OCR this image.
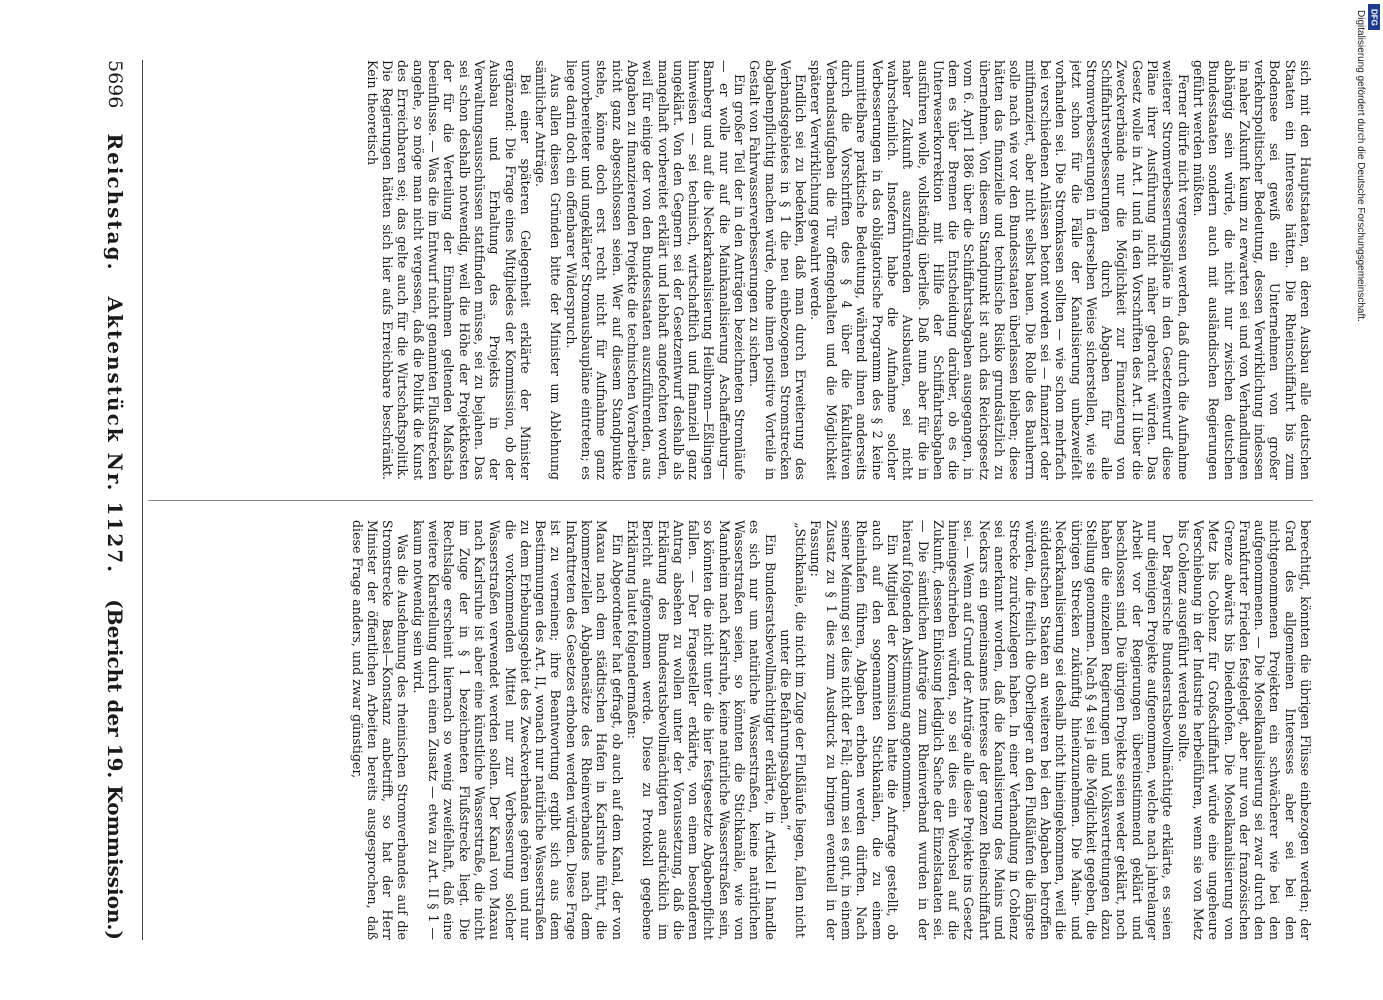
5696
Reichstag.
Aktenstück Nr. 1127.
(Bericht der 19. Kommission.)

sich mit den Hauptstaaten, an deren Ausbau alle deutschen Staaten ein Interesse hätten. Die Rheinschiffahrt bis zum Bodensee sei gewiß ein Unternehmen von großer verkehrspolitischer Bedeutung, dessen Verwirklichung indessen in naher Zukunft kaum zu erwarten sei und von Verhandlungen abhängig sein würde, die nicht nur zwischen deutschen Bundesstaaten sondern auch mit ausländischen Regierungen geführt werden müßten.

Ferner dürfe nicht vergessen werden, daß durch die Aufnahme weiterer Stromverbesserungspläne in den Gesetzentwurf diese Pläne ihrer Ausführung nicht näher gebracht würden. Das Gesetz wolle in Art. I und in den Vorschriften des Art. II über die Zweckverbände nur die Möglichkeit zur Finanzierung von Schiffahrtsverbesserungen durch Abgaben für alle Stromverbesserungen in derselben Weise sicherstellen, wie sie jetzt schon für die Fälle der Kanalisierung unbezweifelt vorhanden sei. Die Stromkassen sollten — wie schon mehrfach bei verschiedenen Anlässen betont worden sei — finanziert oder mitfinanziert, aber nicht selbst bauen. Die Rolle des Bauherrn solle nach wie vor den Bundesstaaten überlassen bleiben; diese hätten das finanzielle und technische Risiko grundsätzlich zu übernehmen. Von diesem Standpunkt ist auch das Reichsgesetz vom 6. April 1886 über die Schiffahrtsabgaben ausgegangen, in dem es über Bremen die Entscheidung darüber, ob es die Unterweserkorrektion mit Hilfe der Schiffahrtsabgaben ausführen wolle, vollständig überließ. Daß nun aber für die in naher Zukunft auszuführenden Ausbauten, sei nicht wahrscheinlich. Insofern habe die Aufnahme solcher Verbesserungen in das obligatorische Programm des § 2 keine unmittelbare praktische Bedeutung, während ihnen anderseits durch die Vorschriften des § 4 über die fakultativen Verbandsaufgaben die Tür offengehalten und die Möglichkeit späterer Verwirklichung gewahrt werde.

Endlich sei zu bedenken, daß man durch Erweiterung des Verbandsgebietes in § 1 die neu einbezogenen Stromstrecken abgabenpflichtig machen würde, ohne ihnen positive Vorteile in Gestalt von Fahrwasserverbesserungen zu sichern.

Ein großer Teil der in den Anträgen bezeichneten Stromläufe — er wolle nur auf die Mainkanalisierung Aschaffenburg—Bamberg und auf die Neckarkanalisierung Heilbronn—Eßlingen hinweisen — sei technisch, wirtschaftlich und finanziell ganz ungeklärt. Von den Gegnern sei der Gesetzentwurf deshalb als mangelhaft vorbereitet erklärt und lebhaft angefochten worden, weil für einige der von den Bundesstaaten auszuführenden, aus Abgaben zu finanzierenden Projekte die technischen Vorarbeiten nicht ganz abgeschlossen seien. Wer auf diesem Standpunkte stehe, könne doch erst recht nicht für Aufnahme ganz unvorbereiteter und ungeklärter Stromausbaupläne eintreten; es liege darin doch ein offenbarer Widerspruch.

Aus allen diesen Gründen bitte der Minister um Ablehnung sämtlicher Anträge.

Bei einer späteren Gelegenheit erklärte der Minister ergänzend: Die Frage eines Mitgliedes der Kommission, ob der Ausbau und Erhaltung des Projekts in der Verwaltungsausschüssen stattfinden müsse, sei zu bejahen. Das sei schon deshalb notwendig, weil die Höhe der Projektkosten der für die Verteilung der Einnahmen geltenden Maßstab beeinflusse. — Was die im Entwurf nicht genannten Flußstrecken angehe, so möge man nicht vergessen, daß die Politik die Kunst des Erreichbaren sei; das gelte auch für die Wirtschaftspolitik. Die Regierungen hätten sich hier aufs Erreichbare beschränkt. Kein theoretisch

berechtigt, könnten die übrigen Flüsse einbezogen werden; der Grad des allgemeinen Interesses aber sei bei den nichtgenommenen Projekten ein schwächerer wie bei den aufgenommenen. — Die Moselkanalisierung sei zwar durch den Frankfurter Frieden festgelegt, aber nur von der französischen Grenze abwärts bis Diedenhofen. Die Moselkanalisierung von Metz bis Coblenz für Großschiffahrt würde eine ungeheure Verschiebung in der Industrie herbeiführen, wenn sie von Metz bis Coblenz ausgeführt werden sollte.

Der Bayerische Bundesratsbevollmächtigte erklärte, es seien nur diejenigen Projekte aufgenommen, welche nach jahrelanger Arbeit vor der Regierungen übereinstimmend geklärt und beschlossen sind. Die übrigen Projekte seien weder geklärt, noch haben die einzelnen Regierungen und Volksvertretungen dazu Stellung genommen. Nach § 4 sei ja die Möglichkeit gegeben, die übrigen Strecken zukünftig hineinzunehmen. Die Main- und Neckarkanalisierung sei deshalb nicht hineingekommen, weil die süddeutschen Staaten an weiteren bei den Abgaben betroffen würden, die freilich die Oberlieger an den Flußläufen die längste Strecke zurückzulegen haben. In einer Verhandlung in Coblenz sei anerkannt worden, daß die Kanalisierung des Mains und Neckars ein gemeinsames Interesse der ganzen Rheinschiffahrt sei. — Wenn auf Grund der Anträge alle diese Projekte ins Gesetz hineingeschrieben würden, so sei dies ein Wechsel auf die Zukunft, dessen Einlösung lediglich Sache der Einzelstaaten sei. — Die sämtlichen Anträge zum Rheinverband wurden in der hierauf folgenden Abstimmung angenommen.

Ein Mitglied der Kommission hatte die Anfrage gestellt, ob auch auf den sogenannten Stichkanälen, die zu einem Rheinhafen führen, Abgaben erhoben werden dürften. Nach seiner Meinung sei dies nicht der Fall; darum sei es gut, in einem Zusatz zu § 1 dies zum Ausdruck zu bringen eventuell in der Fassung:

„Stichkanäle, die nicht im Zuge der Flußläufe liegen, fallen nicht unter die Befahrungsabgaben.“

Ein Bundesratsbevollmächtigter erklärte, in Artikel II handle es sich nur um natürliche Wasserstraßen, keine natürlichen Wasserstraßen seien, so könnten die Stichkanäle, wie von Mannheim nach Karlsruhe, keine natürliche Wasserstraßen sein, so könnten die nicht unter die hier festgesetzte Abgabenpflicht fallen. — Der Fragesteller erklärte, von einem besonderen Antrag absehen zu wollen unter der Voraussetzung, daß die Erklärung des Bundesratsbevollmächtigten ausdrücklich im Bericht aufgenommen werde. Diese zu Protokoll gegebene Erklärung lautet folgendermaßen:

Ein Abgeordneter hat gefragt, ob auch auf dem Kanal, der von Maxau nach dem städtischen Hafen in Karlsruhe führt, die kommerziellen Abgabensätze des Rheinverbandes nach dem Inkrafttreten des Gesetzes erhoben werden würden. Diese Frage ist zu verneinen; ihre Beantwortung ergibt sich aus dem Bestimmungen des Art. II, wonach nur natürliche Wasserstraßen zu dem Erhebungsgebiet des Zweckverbandes gehören und nur die vorkommenden Mittel nur zur Verbesserung solcher Wasserstraßen verwendet werden sollen. Der Kanal von Maxau nach Karlsruhe ist aber eine künstliche Wasserstraße, die nicht im Zuge der in § 1 bezeichneten Flußstrecke liegt. Die Rechtslage erscheint hiernach so wenig zweifelhaft, daß eine weitere Klarstellung durch einen Zusatz — etwa zu Art. II § 1 — kaum notwendig sein wird.

Was die Ausdehnung des rheinischen Stromverbandes auf die Stromstrecke Basel—Konstanz anbetrifft, so hat der Herr Minister der öffentlichen Arbeiten bereits ausgesprochen, daß diese Frage anders, und zwar günstiger,

Digitalisierung gefördert durch die Deutsche Forschungsgemeinschaft. DFG
